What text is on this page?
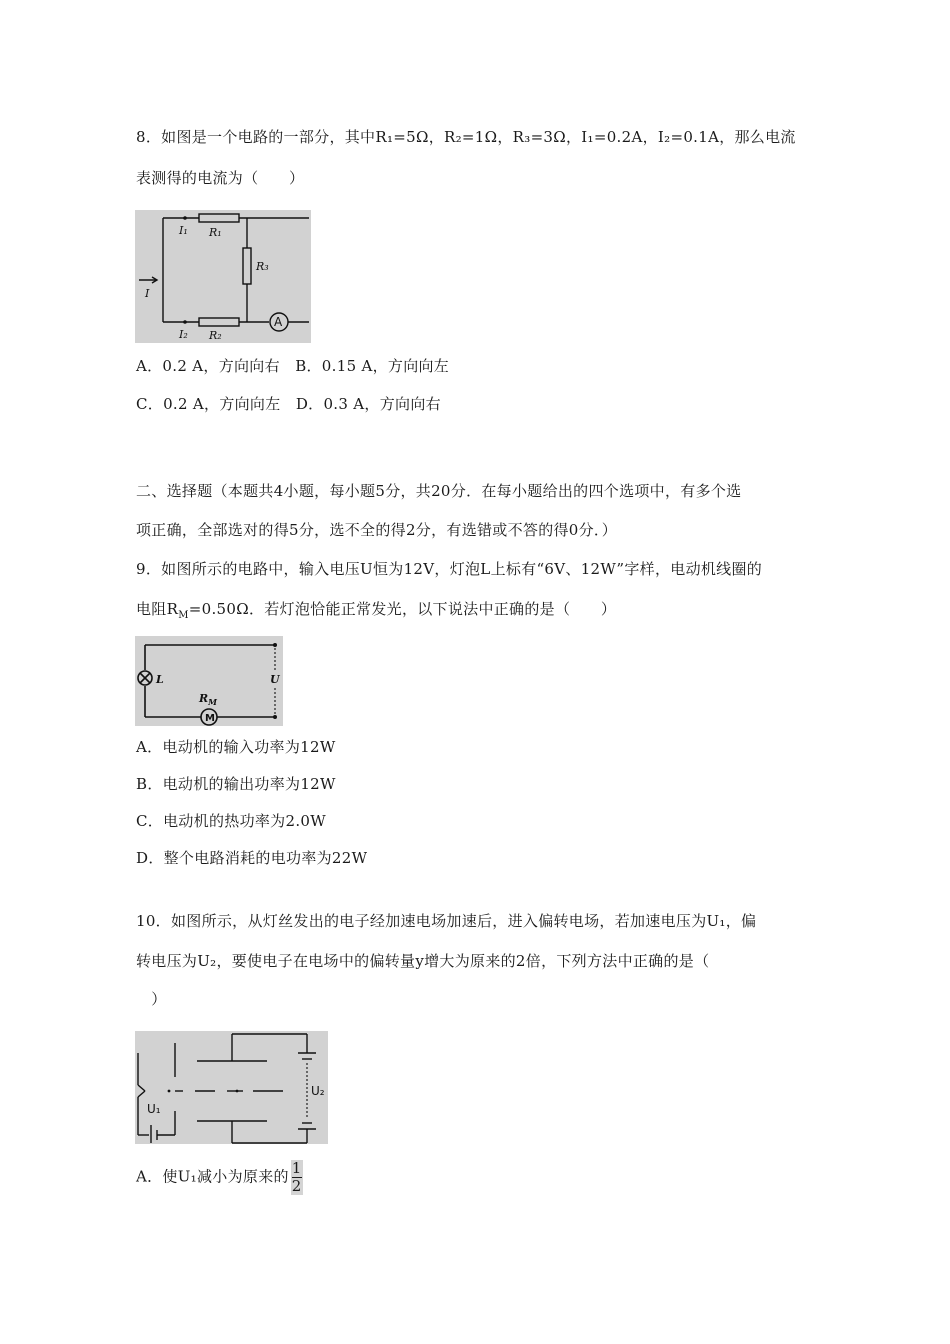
8．如图是一个电路的一部分，其中R₁=5Ω，R₂=1Ω，R₃=3Ω，I₁=0.2A，I₂=0.1A，那么电流
表测得的电流为（　　）
I₁ R₁
R₃
I
I₂ R₂
A
A．0.2 A，方向向右　B．0.15 A，方向向左
C．0.2 A，方向向左　D．0.3 A，方向向右
二、选择题（本题共4小题，每小题5分，共20分．在每小题给出的四个选项中，有多个选
项正确，全部选对的得5分，选不全的得2分，有选错或不答的得0分．）
9．如图所示的电路中，输入电压U恒为12V，灯泡L上标有“6V、12W”字样，电动机线圈的
电阻$R_M=0.50\Omega$．若灯泡恰能正常发光，以下说法中正确的是（　　）
L	U
$R_M$
M
A．电动机的输入功率为12W
B．电动机的输出功率为12W
C．电动机的热功率为2.0W
D．整个电路消耗的电功率为22W
10．如图所示，从灯丝发出的电子经加速电场加速后，进入偏转电场，若加速电压为U₁，偏
转电压为U₂，要使电子在电场中的偏转量y增大为原来的2倍，下列方法中正确的是（
　）
U₁
U₂
A．使U₁减小为原来的 $\frac{1}{2}$
